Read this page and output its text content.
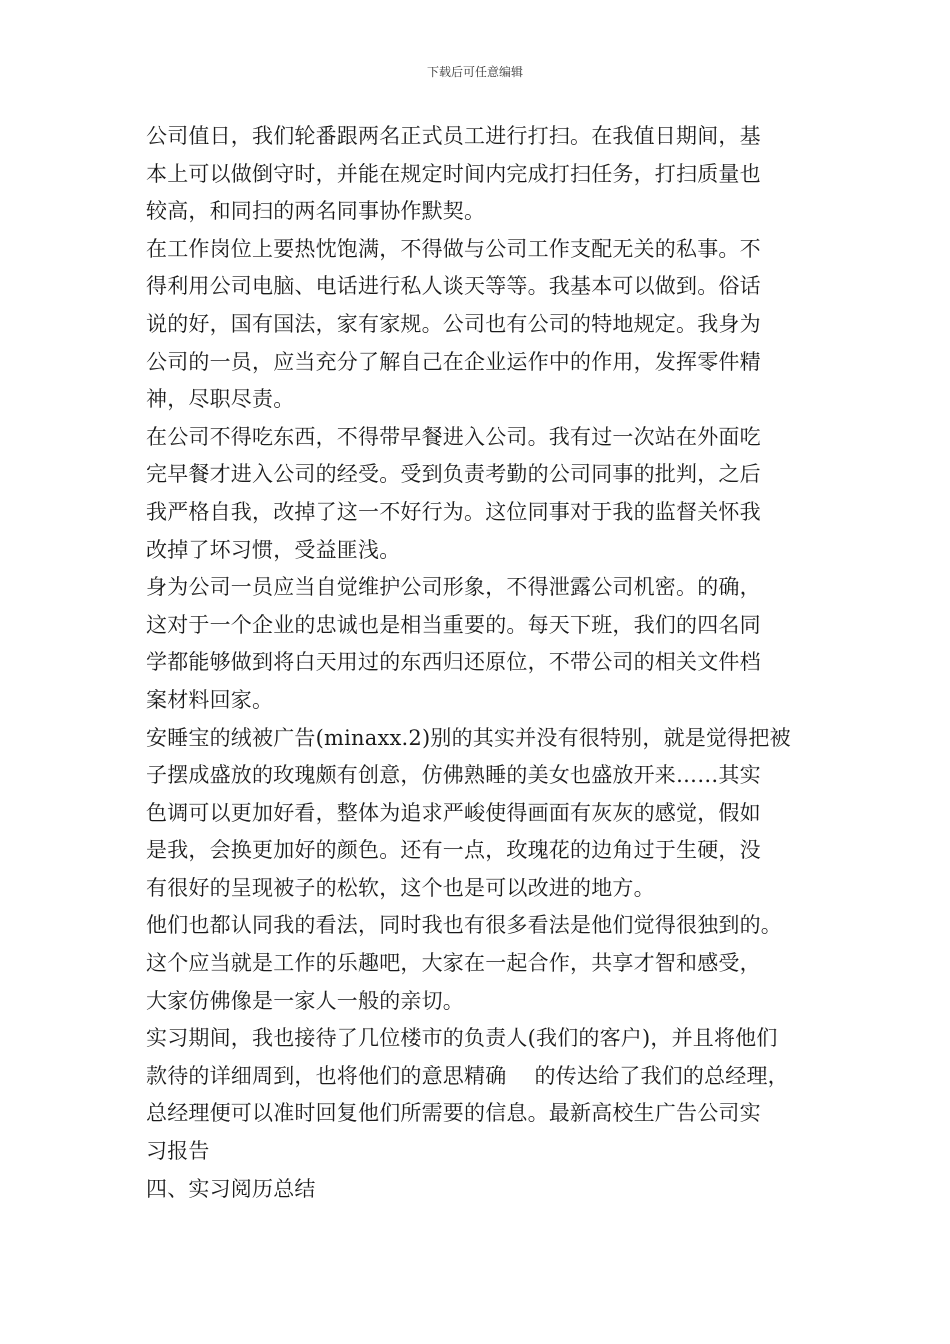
下载后可任意编辑
公司值日，我们轮番跟两名正式员工进行打扫。在我值日期间，基
本上可以做倒守时，并能在规定时间内完成打扫任务，打扫质量也
较高，和同扫的两名同事协作默契。
在工作岗位上要热忱饱满，不得做与公司工作支配无关的私事。不
得利用公司电脑、电话进行私人谈天等等。我基本可以做到。俗话
说的好，国有国法，家有家规。公司也有公司的特地规定。我身为
公司的一员，应当充分了解自己在企业运作中的作用，发挥零件精
神，尽职尽责。
在公司不得吃东西，不得带早餐进入公司。我有过一次站在外面吃
完早餐才进入公司的经受。受到负责考勤的公司同事的批判，之后
我严格自我，改掉了这一不好行为。这位同事对于我的监督关怀我
改掉了坏习惯，受益匪浅。
身为公司一员应当自觉维护公司形象，不得泄露公司机密。的确，
这对于一个企业的忠诚也是相当重要的。每天下班，我们的四名同
学都能够做到将白天用过的东西归还原位，不带公司的相关文件档
案材料回家。
安睡宝的绒被广告(minaxx.2)别的其实并没有很特别，就是觉得把被
子摆成盛放的玫瑰颇有创意，仿佛熟睡的美女也盛放开来……其实
色调可以更加好看，整体为追求严峻使得画面有灰灰的感觉，假如
是我，会换更加好的颜色。还有一点，玫瑰花的边角过于生硬，没
有很好的呈现被子的松软，这个也是可以改进的地方。
他们也都认同我的看法，同时我也有很多看法是他们觉得很独到的。
这个应当就是工作的乐趣吧，大家在一起合作，共享才智和感受，
大家仿佛像是一家人一般的亲切。
实习期间，我也接待了几位楼市的负责人(我们的客户)，并且将他们
款待的详细周到，也将他们的意思精确　 的传达给了我们的总经理，
总经理便可以准时回复他们所需要的信息。最新高校生广告公司实
习报告
四、实习阅历总结
